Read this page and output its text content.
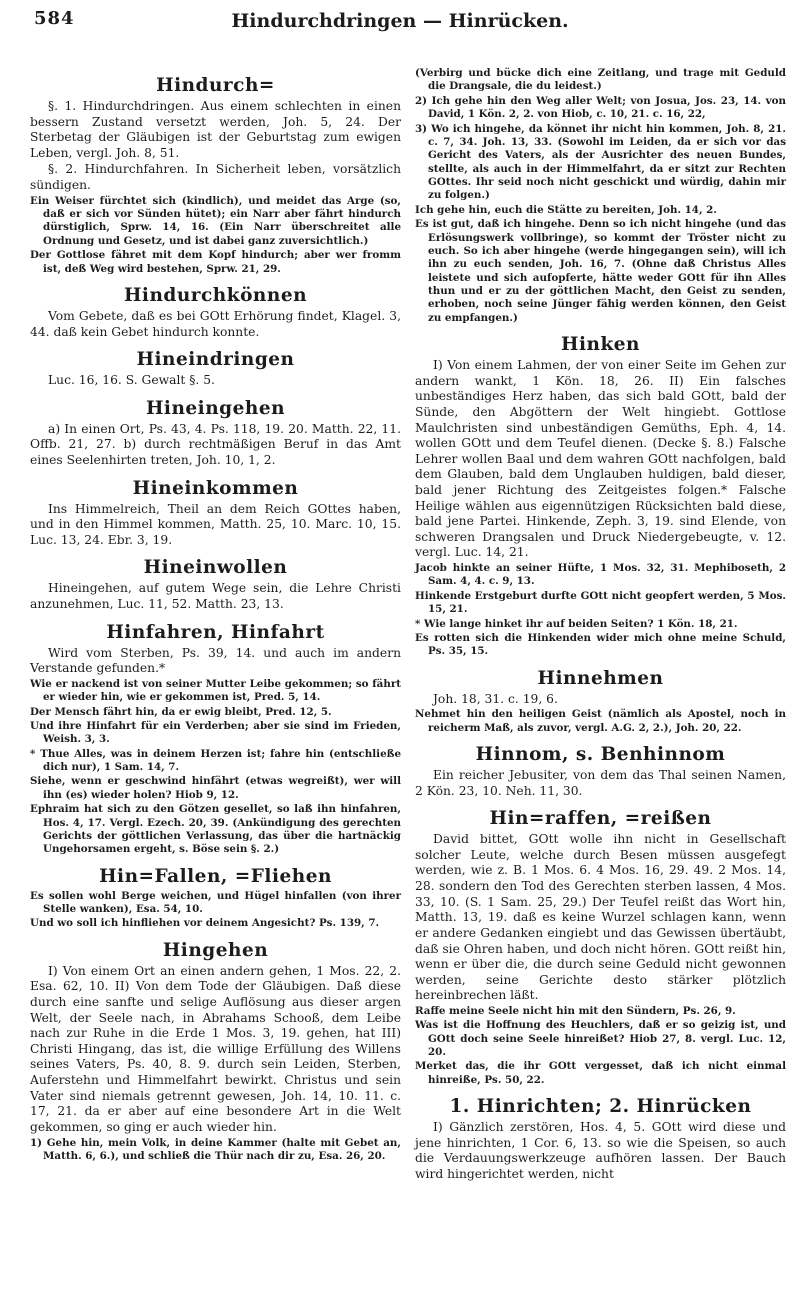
584	Hindurchdringen — Hinrücken.
Hindurch=
§. 1. Hindurchdringen. Aus einem schlechten in einen bessern Zustand versetzt werden, Joh. 5, 24. Der Sterbetag der Gläubigen ist der Geburtstag zum ewigen Leben, vergl. Joh. 8, 51.
§. 2. Hindurchfahren. In Sicherheit leben, vorsätzlich sündigen.
Ein Weiser fürchtet sich (kindlich), und meidet das Arge (so, daß er sich vor Sünden hütet); ein Narr aber fährt hindurch dürstiglich, Sprw. 14, 16. (Ein Narr überschreitet alle Ordnung und Gesetz, und ist dabei ganz zuversichtlich.)
Der Gottlose fähret mit dem Kopf hindurch; aber wer fromm ist, deß Weg wird bestehen, Sprw. 21, 29.
Hindurchkönnen
Vom Gebete, daß es bei GOtt Erhörung findet, Klagel. 3, 44. daß kein Gebet hindurch konnte.
Hineindringen
Luc. 16, 16. S. Gewalt §. 5.
Hineingehen
a) In einen Ort, Ps. 43, 4. Ps. 118, 19. 20. Matth. 22, 11. Offb. 21, 27. b) durch rechtmäßigen Beruf in das Amt eines Seelenhirten treten, Joh. 10, 1, 2.
Hineinkommen
Ins Himmelreich, Theil an dem Reich GOttes haben, und in den Himmel kommen, Matth. 25, 10. Marc. 10, 15. Luc. 13, 24. Ebr. 3, 19.
Hineinwollen
Hineingehen, auf gutem Wege sein, die Lehre Christi anzunehmen, Luc. 11, 52. Matth. 23, 13.
Hinfahren, Hinfahrt
Wird vom Sterben, Ps. 39, 14. und auch im andern Verstande gefunden.*
Wie er nackend ist von seiner Mutter Leibe gekommen; so fährt er wieder hin, wie er gekommen ist, Pred. 5, 14.
Der Mensch fährt hin, da er ewig bleibt, Pred. 12, 5.
Und ihre Hinfahrt für ein Verderben; aber sie sind im Frieden, Weish. 3, 3.
* Thue Alles, was in deinem Herzen ist; fahre hin (entschließe dich nur), 1 Sam. 14, 7.
Siehe, wenn er geschwind hinfährt (etwas wegreißt), wer will ihn (es) wieder holen? Hiob 9, 12.
Ephraim hat sich zu den Götzen gesellet, so laß ihn hinfahren, Hos. 4, 17. Vergl. Ezech. 20, 39. (Ankündigung des gerechten Gerichts der göttlichen Verlassung, das über die hartnäckig Ungehorsamen ergeht, s. Böse sein §. 2.)
Hin=Fallen, =Fliehen
Es sollen wohl Berge weichen, und Hügel hinfallen (von ihrer Stelle wanken), Esa. 54, 10.
Und wo soll ich hinfliehen vor deinem Angesicht? Ps. 139, 7.
Hingehen
I) Von einem Ort an einen andern gehen, 1 Mos. 22, 2. Esa. 62, 10. II) Von dem Tode der Gläubigen. Daß diese durch eine sanfte und selige Auflösung aus dieser argen Welt, der Seele nach, in Abrahams Schooß, dem Leibe nach zur Ruhe in die Erde 1 Mos. 3, 19. gehen, hat III) Christi Hingang, das ist, die willige Erfüllung des Willens seines Vaters, Ps. 40, 8. 9. durch sein Leiden, Sterben, Auferstehn und Himmelfahrt bewirkt. Christus und sein Vater sind niemals getrennt gewesen, Joh. 14, 10. 11. c. 17, 21. da er aber auf eine besondere Art in die Welt gekommen, so ging er auch wieder hin.
1) Gehe hin, mein Volk, in deine Kammer (halte mit Gebet an, Matth. 6, 6.), und schließ die Thür nach dir zu, Esa. 26, 20.
(Verbirg und bücke dich eine Zeitlang, und trage mit Geduld die Drangsale, die du leidest.)
2) Ich gehe hin den Weg aller Welt; von Josua, Jos. 23, 14. von David, 1 Kön. 2, 2. von Hiob, c. 10, 21. c. 16, 22,
3) Wo ich hingehe, da könnet ihr nicht hin kommen, Joh. 8, 21. c. 7, 34. Joh. 13, 33. (Sowohl im Leiden, da er sich vor das Gericht des Vaters, als der Ausrichter des neuen Bundes, stellte, als auch in der Himmelfahrt, da er sitzt zur Rechten GOttes. Ihr seid noch nicht geschickt und würdig, dahin mir zu folgen.)
Ich gehe hin, euch die Stätte zu bereiten, Joh. 14, 2.
Es ist gut, daß ich hingehe. Denn so ich nicht hingehe (und das Erlösungswerk vollbringe), so kommt der Tröster nicht zu euch. So ich aber hingehe (werde hingegangen sein), will ich ihn zu euch senden, Joh. 16, 7. (Ohne daß Christus Alles leistete und sich aufopferte, hätte weder GOtt für ihn Alles thun und er zu der göttlichen Macht, den Geist zu senden, erhoben, noch seine Jünger fähig werden können, den Geist zu empfangen.)
Hinken
I) Von einem Lahmen, der von einer Seite im Gehen zur andern wankt, 1 Kön. 18, 26. II) Ein falsches unbeständiges Herz haben, das sich bald GOtt, bald der Sünde, den Abgöttern der Welt hingiebt. Gottlose Maulchristen sind unbeständigen Gemüths, Eph. 4, 14. wollen GOtt und dem Teufel dienen. (Decke §. 8.) Falsche Lehrer wollen Baal und dem wahren GOtt nachfolgen, bald dem Glauben, bald dem Unglauben huldigen, bald dieser, bald jener Richtung des Zeitgeistes folgen.* Falsche Heilige wählen aus eigennützigen Rücksichten bald diese, bald jene Partei. Hinkende, Zeph. 3, 19. sind Elende, von schweren Drangsalen und Druck Niedergebeugte, v. 12. vergl. Luc. 14, 21.
Jacob hinkte an seiner Hüfte, 1 Mos. 32, 31. Mephiboseth, 2 Sam. 4, 4. c. 9, 13.
Hinkende Erstgeburt durfte GOtt nicht geopfert werden, 5 Mos. 15, 21.
* Wie lange hinket ihr auf beiden Seiten? 1 Kön. 18, 21.
Es rotten sich die Hinkenden wider mich ohne meine Schuld, Ps. 35, 15.
Hinnehmen
Joh. 18, 31. c. 19, 6.
Nehmet hin den heiligen Geist (nämlich als Apostel, noch in reicherm Maß, als zuvor, vergl. A.G. 2, 2.), Joh. 20, 22.
Hinnom, s. Benhinnom
Ein reicher Jebusiter, von dem das Thal seinen Namen, 2 Kön. 23, 10. Neh. 11, 30.
Hin=raffen, =reißen
David bittet, GOtt wolle ihn nicht in Gesellschaft solcher Leute, welche durch Besen müssen ausgefegt werden, wie z. B. 1 Mos. 6. 4 Mos. 16, 29. 49. 2 Mos. 14, 28. sondern den Tod des Gerechten sterben lassen, 4 Mos. 33, 10. (S. 1 Sam. 25, 29.) Der Teufel reißt das Wort hin, Matth. 13, 19. daß es keine Wurzel schlagen kann, wenn er andere Gedanken eingiebt und das Gewissen übertäubt, daß sie Ohren haben, und doch nicht hören. GOtt reißt hin, wenn er über die, die durch seine Geduld nicht gewonnen werden, seine Gerichte desto stärker plötzlich hereinbrechen läßt.
Raffe meine Seele nicht hin mit den Sündern, Ps. 26, 9.
Was ist die Hoffnung des Heuchlers, daß er so geizig ist, und GOtt doch seine Seele hinreißet? Hiob 27, 8. vergl. Luc. 12, 20.
Merket das, die ihr GOtt vergesset, daß ich nicht einmal hinreiße, Ps. 50, 22.
1. Hinrichten; 2. Hinrücken
I) Gänzlich zerstören, Hos. 4, 5. GOtt wird diese und jene hinrichten, 1 Cor. 6, 13. so wie die Speisen, so auch die Verdauungswerkzeuge aufhören lassen. Der Bauch wird hingerichtet werden, nicht
